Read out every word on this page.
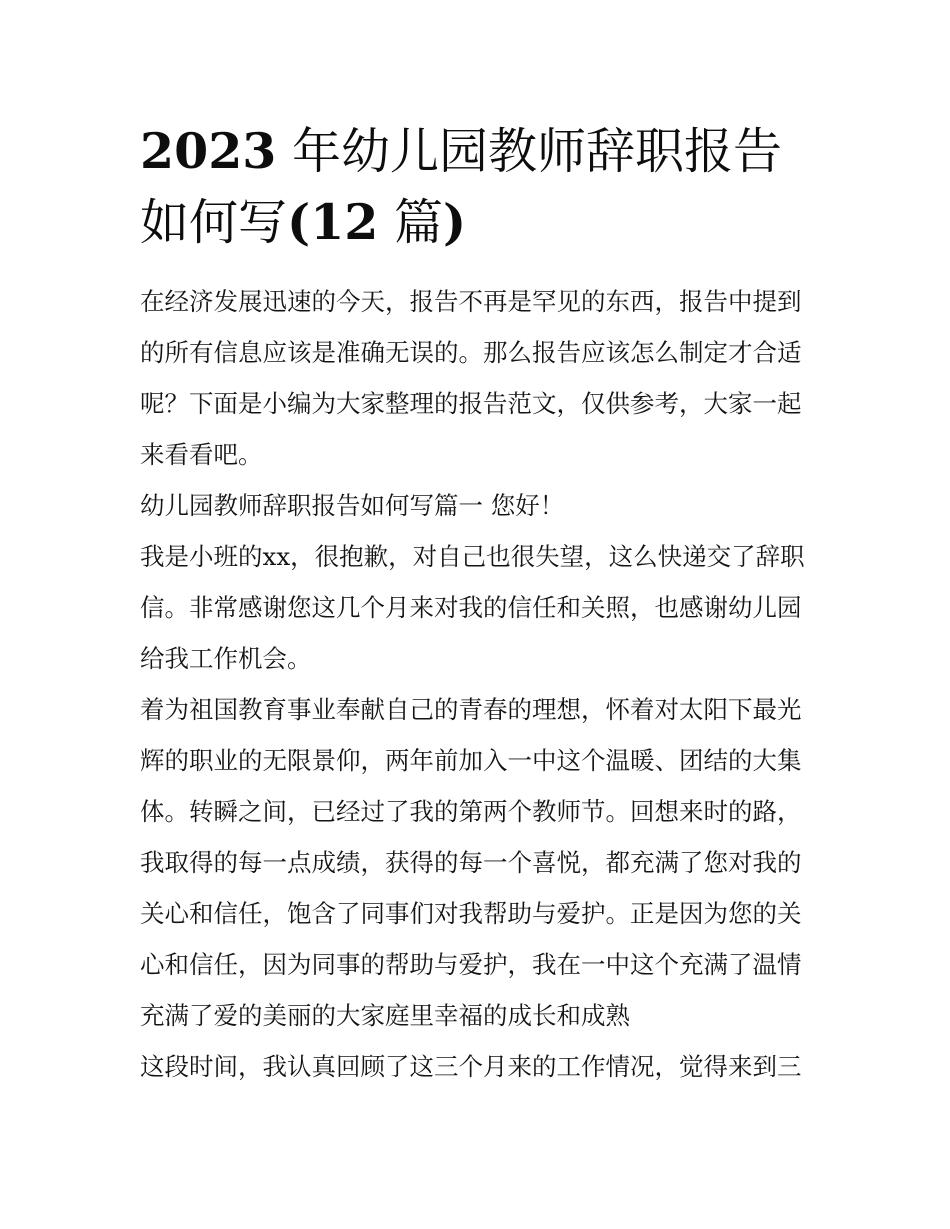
2023 年幼儿园教师辞职报告如何写(12 篇)

在经济发展迅速的今天，报告不再是罕见的东西，报告中提到的所有信息应该是准确无误的。那么报告应该怎么制定才合适呢？下面是小编为大家整理的报告范文，仅供参考，大家一起来看看吧。

幼儿园教师辞职报告如何写篇一 您好！

我是小班的xx，很抱歉，对自己也很失望，这么快递交了辞职信。非常感谢您这几个月来对我的信任和关照，也感谢幼儿园给我工作机会。

着为祖国教育事业奉献自己的青春的理想，怀着对太阳下最光辉的职业的无限景仰，两年前加入一中这个温暖、团结的大集体。转瞬之间，已经过了我的第两个教师节。回想来时的路，我取得的每一点成绩，获得的每一个喜悦，都充满了您对我的关心和信任，饱含了同事们对我帮助与爱护。正是因为您的关心和信任，因为同事的帮助与爱护，我在一中这个充满了温情充满了爱的美丽的大家庭里幸福的成长和成熟

这段时间，我认真回顾了这三个月来的工作情况，觉得来到三
